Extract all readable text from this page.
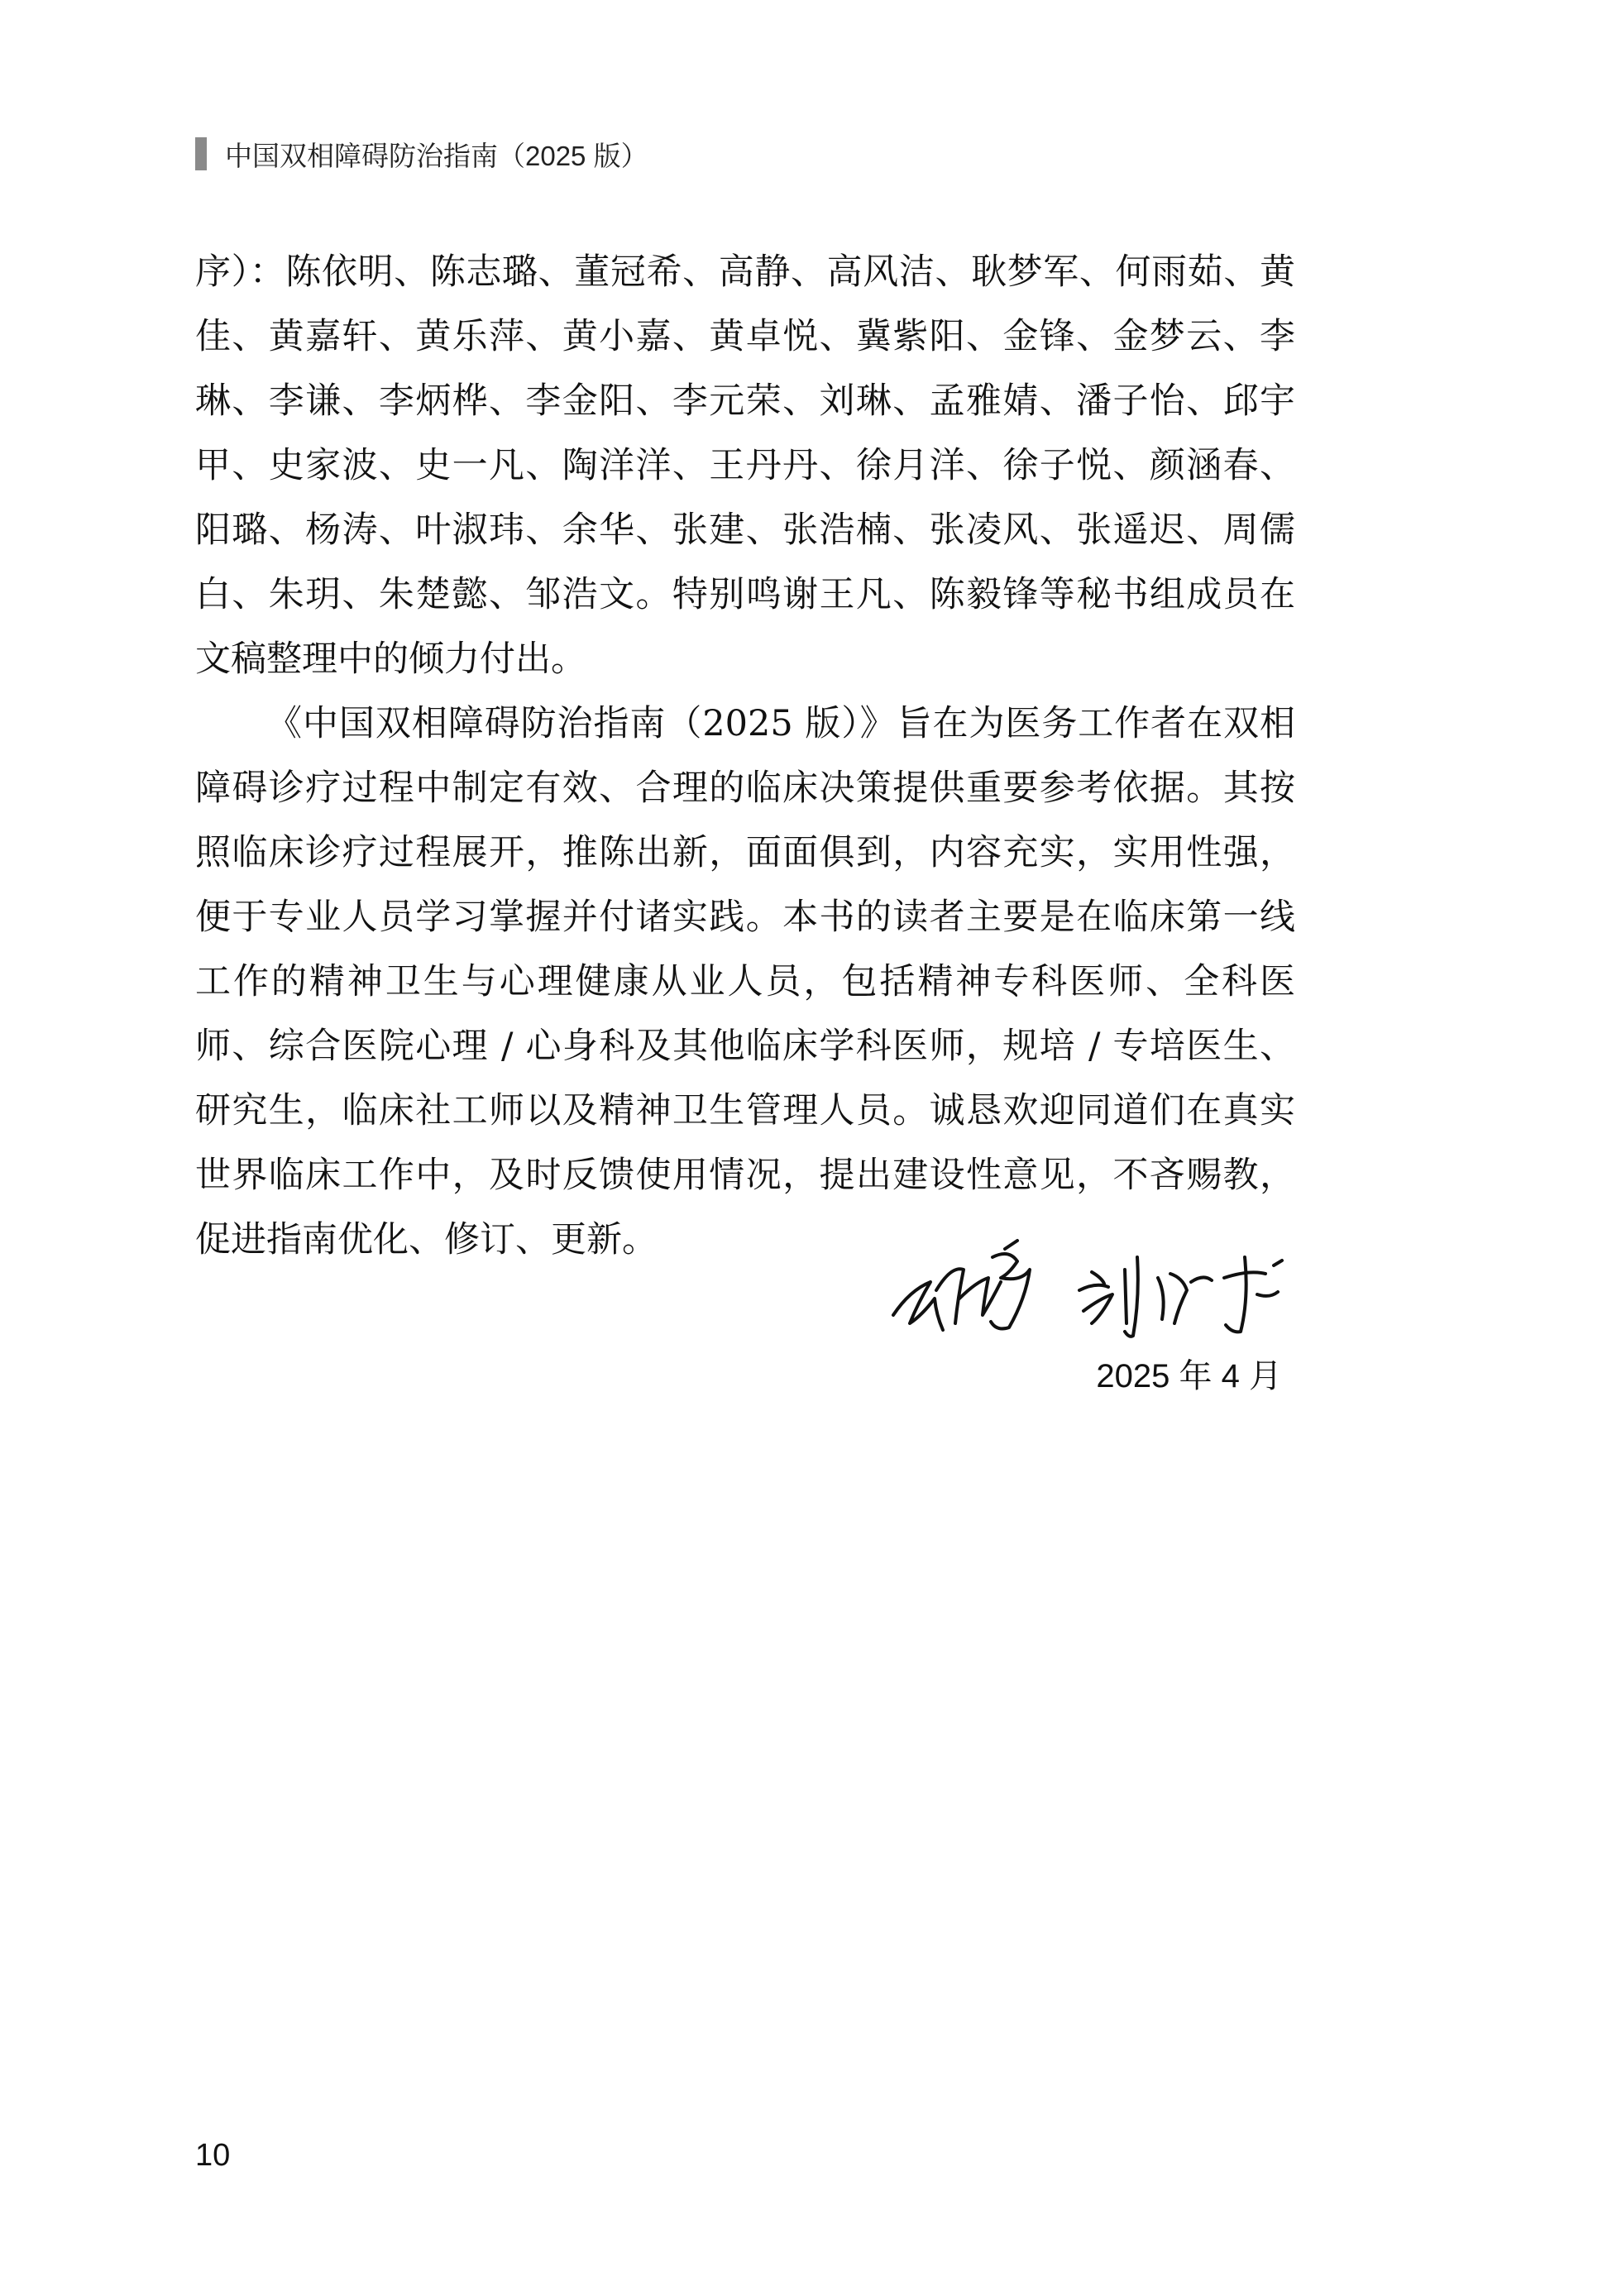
中国双相障碍防治指南（2025 版）

序）：陈依明、陈志璐、董冠希、高静、高风洁、耿梦军、何雨茹、黄佳、黄嘉轩、黄乐萍、黄小嘉、黄卓悦、冀紫阳、金锋、金梦云、李琳、李谦、李炳桦、李金阳、李元荣、刘琳、孟雅婧、潘子怡、邱宇甲、史家波、史一凡、陶洋洋、王丹丹、徐月洋、徐子悦、颜涵春、阳璐、杨涛、叶淑玮、余华、张建、张浩楠、张凌风、张遥迟、周儒白、朱玥、朱楚懿、邹浩文。特别鸣谢王凡、陈毅锋等秘书组成员在文稿整理中的倾力付出。

《中国双相障碍防治指南（2025 版）》旨在为医务工作者在双相障碍诊疗过程中制定有效、合理的临床决策提供重要参考依据。其按照临床诊疗过程展开，推陈出新，面面俱到，内容充实，实用性强，便于专业人员学习掌握并付诸实践。本书的读者主要是在临床第一线工作的精神卫生与心理健康从业人员，包括精神专科医师、全科医师、综合医院心理 / 心身科及其他临床学科医师，规培 / 专培医生、研究生，临床社工师以及精神卫生管理人员。诚恳欢迎同道们在真实世界临床工作中，及时反馈使用情况，提出建设性意见，不吝赐教，促进指南优化、修订、更新。

2025 年 4 月
10
